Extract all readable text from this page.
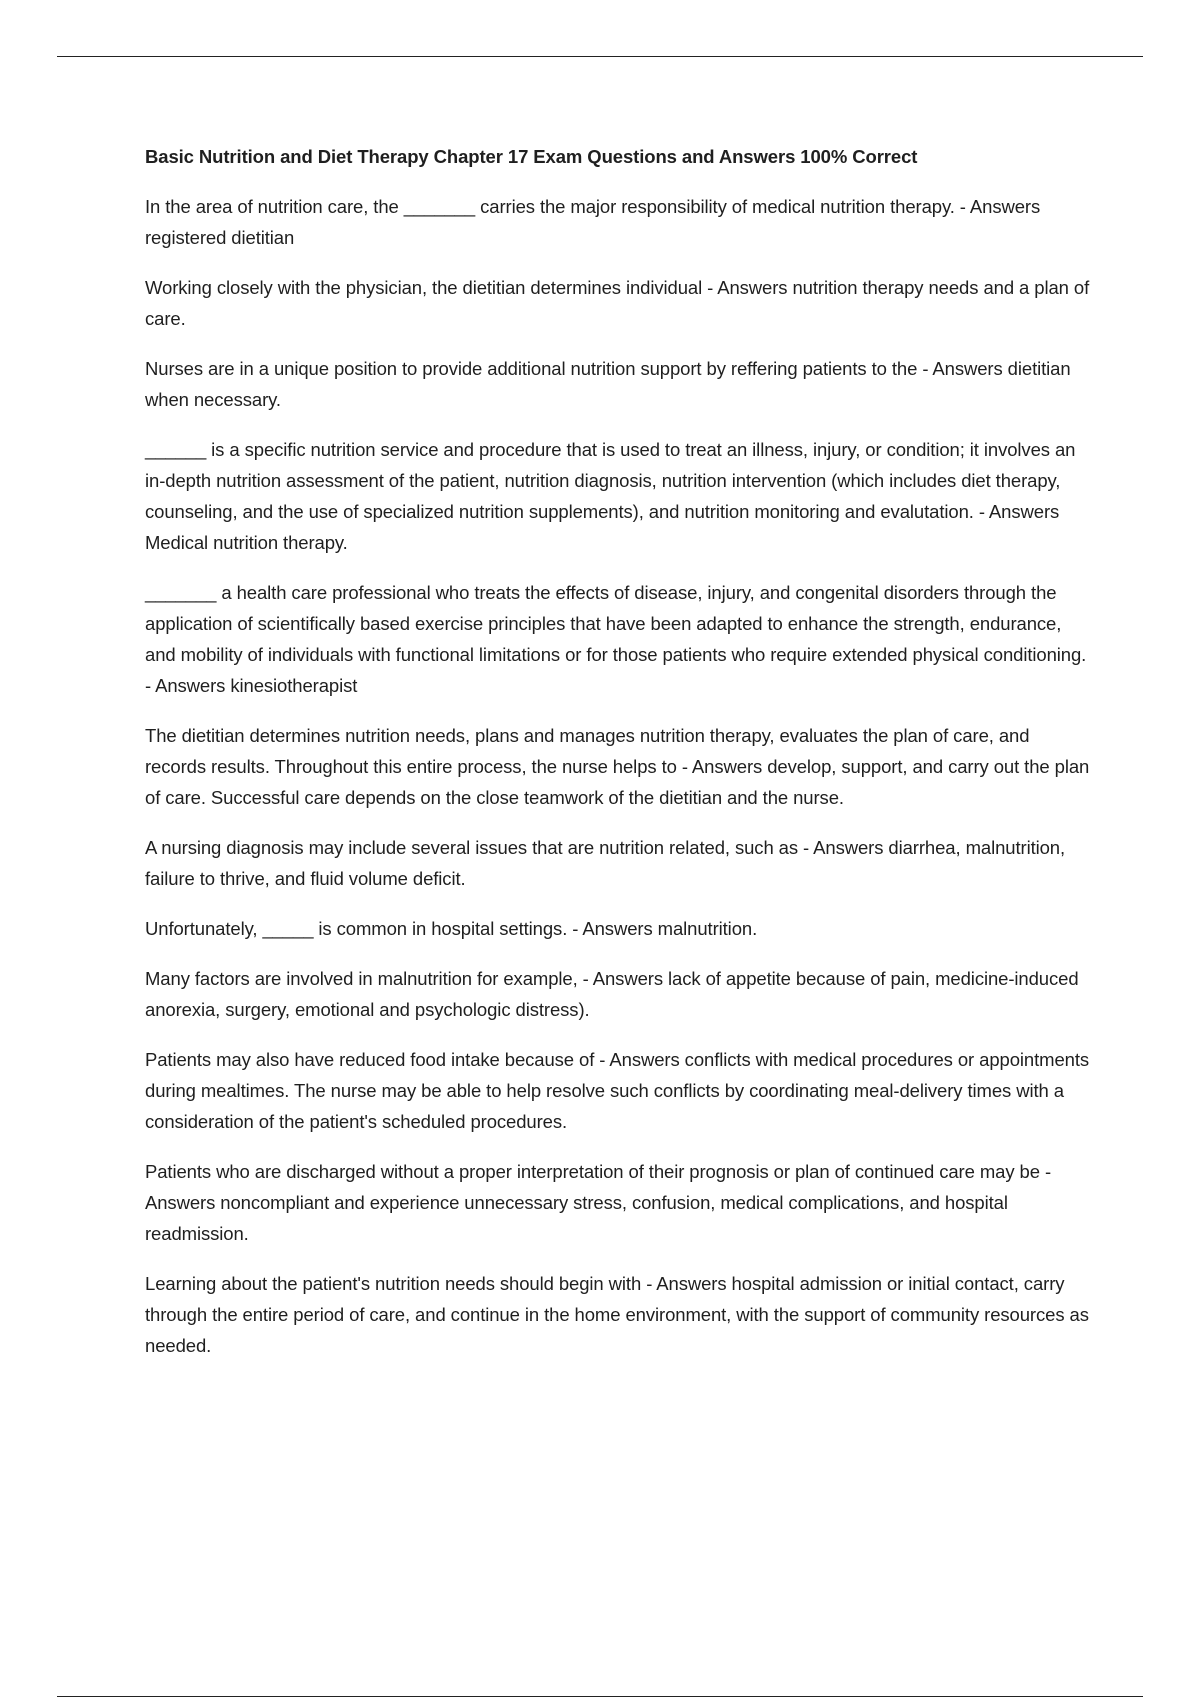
Basic Nutrition and Diet Therapy Chapter 17 Exam Questions and Answers 100% Correct

In the area of nutrition care, the _______ carries the major responsibility of medical nutrition therapy. - Answers registered dietitian

Working closely with the physician, the dietitian determines individual - Answers nutrition therapy needs and a plan of care.

Nurses are in a unique position to provide additional nutrition support by reffering patients to the - Answers dietitian when necessary.

______ is a specific nutrition service and procedure that is used to treat an illness, injury, or condition; it involves an in-depth nutrition assessment of the patient, nutrition diagnosis, nutrition intervention (which includes diet therapy, counseling, and the use of specialized nutrition supplements), and nutrition monitoring and evalutation. - Answers Medical nutrition therapy.

_______ a health care professional who treats the effects of disease, injury, and congenital disorders through the application of scientifically based exercise principles that have been adapted to enhance the strength, endurance, and mobility of individuals with functional limitations or for those patients who require extended physical conditioning. - Answers kinesiotherapist

The dietitian determines nutrition needs, plans and manages nutrition therapy, evaluates the plan of care, and records results. Throughout this entire process, the nurse helps to - Answers develop, support, and carry out the plan of care. Successful care depends on the close teamwork of the dietitian and the nurse.

A nursing diagnosis may include several issues that are nutrition related, such as - Answers diarrhea, malnutrition, failure to thrive, and fluid volume deficit.

Unfortunately, _____ is common in hospital settings. - Answers malnutrition.

Many factors are involved in malnutrition for example, - Answers lack of appetite because of pain, medicine-induced anorexia, surgery, emotional and psychologic distress).

Patients may also have reduced food intake because of - Answers conflicts with medical procedures or appointments during mealtimes. The nurse may be able to help resolve such conflicts by coordinating meal-delivery times with a consideration of the patient's scheduled procedures.

Patients who are discharged without a proper interpretation of their prognosis or plan of continued care may be - Answers noncompliant and experience unnecessary stress, confusion, medical complications, and hospital readmission.

Learning about the patient's nutrition needs should begin with - Answers hospital admission or initial contact, carry through the entire period of care, and continue in the home environment, with the support of community resources as needed.
